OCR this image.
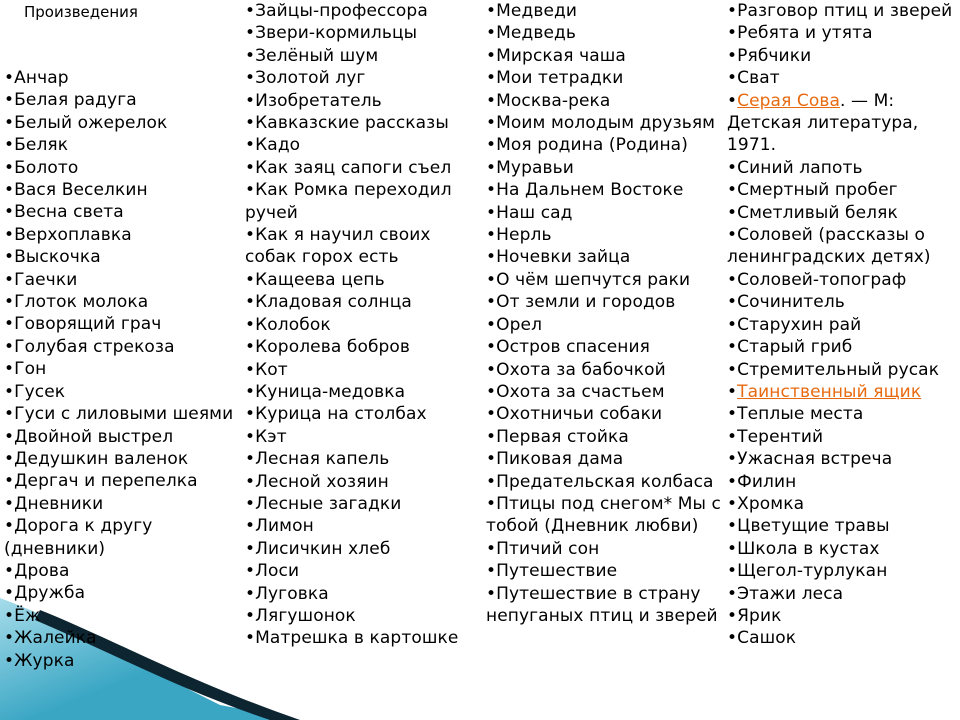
Произведения
•Анчар
•Белая радуга
•Белый ожерелок
•Беляк
•Болото
•Вася Веселкин
•Весна света
•Верхоплавка
•Выскочка
•Гаечки
•Глоток молока
•Говорящий грач
•Голубая стрекоза
•Гон
•Гусек
•Гуси с лиловыми шеями
•Двойной выстрел
•Дедушкин валенок
•Дергач и перепелка
•Дневники
•Дорога к другу (дневники)
•Дрова
•Дружба
•Ёж
•Жалейка
•Журка
•Зайцы-профессора
•Звери-кормильцы
•Зелёный шум
•Золотой луг
•Изобретатель
•Кавказские рассказы
•Кадо
•Как заяц сапоги съел
•Как Ромка переходил ручей
•Как я научил своих собак горох есть
•Кащеева цепь
•Кладовая солнца
•Колобок
•Королева бобров
•Кот
•Куница-медовка
•Курица на столбах
•Кэт
•Лесная капель
•Лесной хозяин
•Лесные загадки
•Лимон
•Лисичкин хлеб
•Лоси
•Луговка
•Лягушонок
•Матрешка в картошке
•Медведи
•Медведь
•Мирская чаша
•Мои тетрадки
•Москва-река
•Моим молодым друзьям
•Моя родина (Родина)
•Муравьи
•На Дальнем Востоке
•Наш сад
•Нерль
•Ночевки зайца
•О чём шепчутся раки
•От земли и городов
•Орел
•Остров спасения
•Охота за бабочкой
•Охота за счастьем
•Охотничьи собаки
•Первая стойка
•Пиковая дама
•Предательская колбаса
•Птицы под снегом* Мы с тобой (Дневник любви)
•Птичий сон
•Путешествие
•Путешествие в страну непуганых птиц и зверей
•Разговор птиц и зверей
•Ребята и утята
•Рябчики
•Сват
•Серая Сова. — М: Детская литература, 1971.
•Синий лапоть
•Смертный пробег
•Сметливый беляк
•Соловей (рассказы о ленинградских детях)
•Соловей-топограф
•Сочинитель
•Старухин рай
•Старый гриб
•Стремительный русак
•Таинственный ящик
•Теплые места
•Терентий
•Ужасная встреча
•Филин
•Хромка
•Цветущие травы
•Школа в кустах
•Щегол-турлукан
•Этажи леса
•Ярик
•Сашок
